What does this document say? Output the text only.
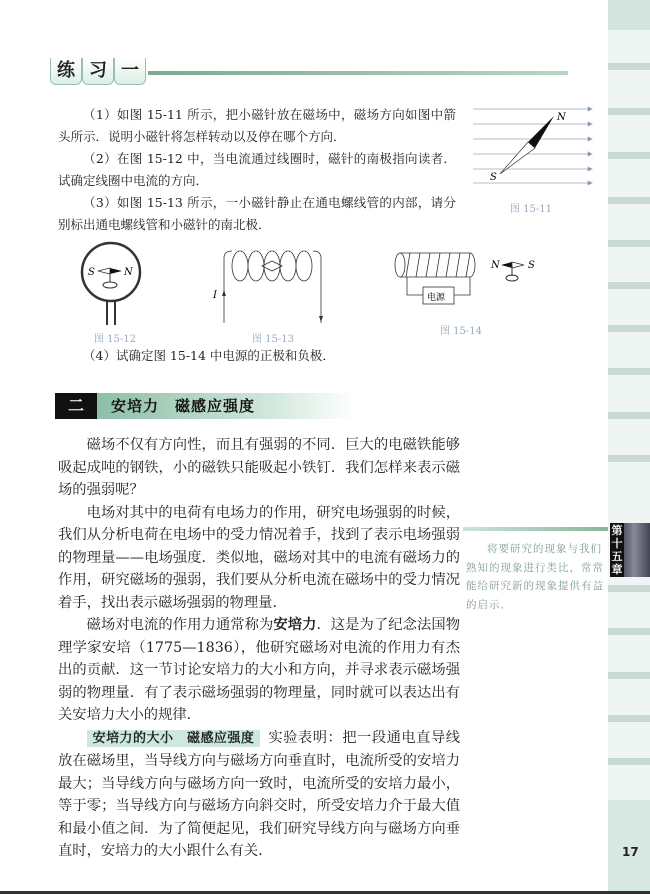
练 习 一
（1）如图 15-11 所示，把小磁针放在磁场中，磁场方向如图中箭头所示．说明小磁针将怎样转动以及停在哪个方向．
（2）在图 15-12 中，当电流通过线圈时，磁针的南极指向读者．试确定线圈中电流的方向．
（3）如图 15-13 所示，一小磁针静止在通电螺线管的内部，请分别标出通电螺线管和小磁针的南北极．
（4）试确定图 15-14 中电源的正极和负极．
N
S
图 15-11
S	N
图 15-12
I
图 15-13
电源
N	S
图 15-14
二	安培力　磁感应强度

磁场不仅有方向性，而且有强弱的不同．巨大的电磁铁能够吸起成吨的钢铁，小的磁铁只能吸起小铁钉．我们怎样来表示磁场的强弱呢？

电场对其中的电荷有电场力的作用，研究电场强弱的时候，我们从分析电荷在电场中的受力情况着手，找到了表示电场强弱的物理量——电场强度．类似地，磁场对其中的电流有磁场力的作用，研究磁场的强弱，我们要从分析电流在磁场中的受力情况着手，找出表示磁场强弱的物理量．

磁场对电流的作用力通常称为安培力．这是为了纪念法国物理学家安培（1775—1836），他研究磁场对电流的作用力有杰出的贡献．这一节讨论安培力的大小和方向，并寻求表示磁场强弱的物理量．有了表示磁场强弱的物理量，同时就可以表达出有关安培力大小的规律．

安培力的大小　磁感应强度 实验表明：把一段通电直导线放在磁场里，当导线方向与磁场方向垂直时，电流所受的安培力最大；当导线方向与磁场方向一致时，电流所受的安培力最小，等于零；当导线方向与磁场方向斜交时，所受安培力介于最大值和最小值之间．为了简便起见，我们研究导线方向与磁场方向垂直时，安培力的大小跟什么有关．

将要研究的现象与我们熟知的现象进行类比，常常能给研究新的现象提供有益的启示．
第
十
五
章
17
